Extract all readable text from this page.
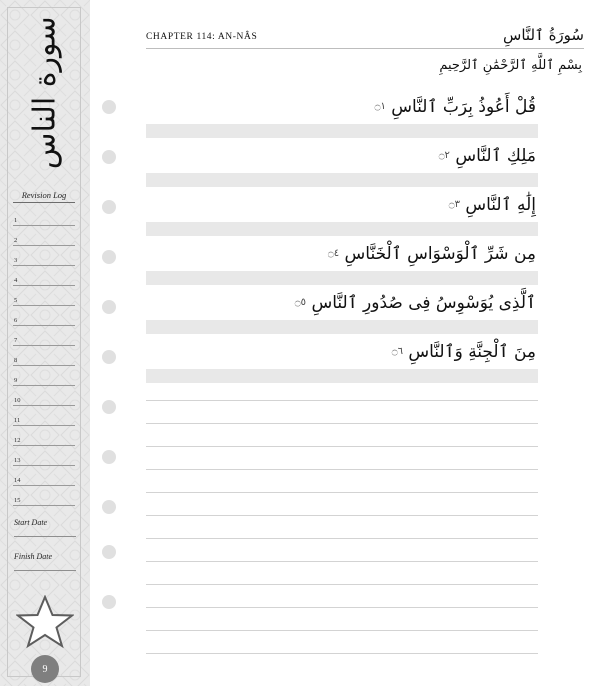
سورة الناس
Revision Log
1
2
3
4
5
6
7
8
9
10
11
12
13
14
15
Start Date
Finish Date
9
CHAPTER 114: AN-NÂS	سُورَةُ ٱلنَّاسِ
بِسْمِ ٱللَّهِ ٱلرَّحْمَٰنِ ٱلرَّحِيمِ
قُلْ أَعُوذُ بِرَبِّ ٱلنَّاسِ ۝١
مَلِكِ ٱلنَّاسِ ۝٢
إِلَٰهِ ٱلنَّاسِ ۝٣
مِن شَرِّ ٱلْوَسْوَاسِ ٱلْخَنَّاسِ ۝٤
ٱلَّذِى يُوَسْوِسُ فِى صُدُورِ ٱلنَّاسِ ۝٥
مِنَ ٱلْجِنَّةِ وَٱلنَّاسِ ۝٦
